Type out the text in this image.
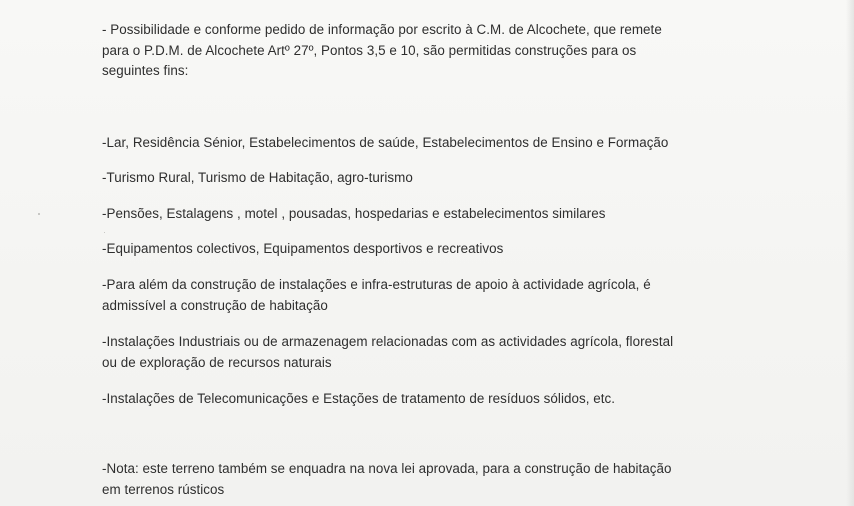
- Possibilidade e conforme pedido de informação por escrito à C.M. de Alcochete, que remete
para o P.D.M. de Alcochete Artº 27º, Pontos 3,5 e 10, são permitidas construções para os
seguintes fins:

-Lar, Residência Sénior, Estabelecimentos de saúde, Estabelecimentos de Ensino e Formação

-Turismo Rural, Turismo de Habitação, agro-turismo

-Pensões, Estalagens , motel , pousadas, hospedarias e estabelecimentos similares

-Equipamentos colectivos, Equipamentos desportivos e recreativos

-Para além da construção de instalações e infra-estruturas de apoio à actividade agrícola, é
admissível a construção de habitação

-Instalações Industriais ou de armazenagem relacionadas com as actividades agrícola, florestal
ou de exploração de recursos naturais

-Instalações de Telecomunicações e Estações de tratamento de resíduos sólidos, etc.

-Nota: este terreno também se enquadra na nova lei aprovada, para a construção de habitação
em terrenos rústicos
